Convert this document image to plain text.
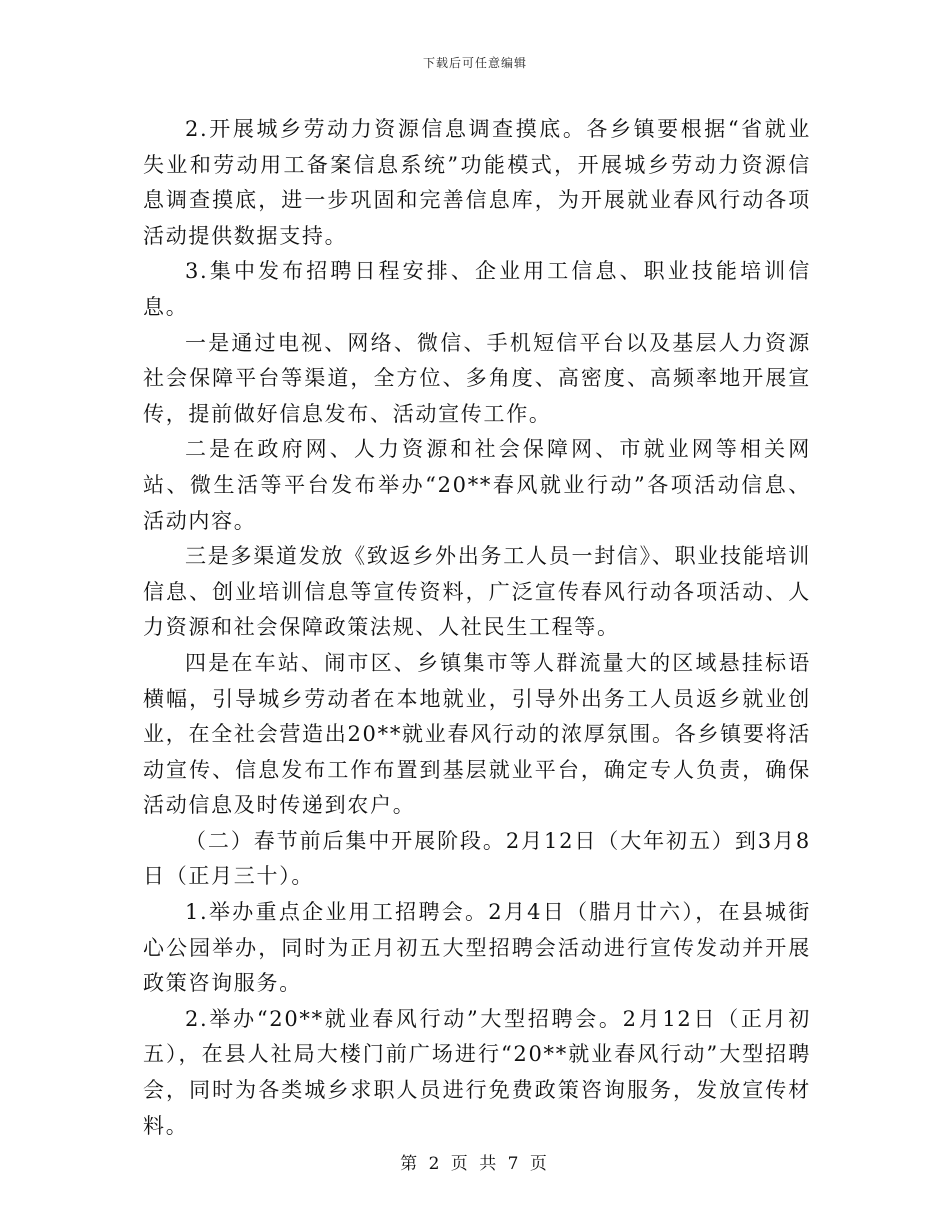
下载后可任意编辑

2.开展城乡劳动力资源信息调查摸底。各乡镇要根据“省就业失业和劳动用工备案信息系统”功能模式，开展城乡劳动力资源信息调查摸底，进一步巩固和完善信息库，为开展就业春风行动各项活动提供数据支持。

3.集中发布招聘日程安排、企业用工信息、职业技能培训信息。

一是通过电视、网络、微信、手机短信平台以及基层人力资源社会保障平台等渠道，全方位、多角度、高密度、高频率地开展宣传，提前做好信息发布、活动宣传工作。

二是在政府网、人力资源和社会保障网、市就业网等相关网站、微生活等平台发布举办“20**春风就业行动”各项活动信息、活动内容。

三是多渠道发放《致返乡外出务工人员一封信》、职业技能培训信息、创业培训信息等宣传资料，广泛宣传春风行动各项活动、人力资源和社会保障政策法规、人社民生工程等。

四是在车站、闹市区、乡镇集市等人群流量大的区域悬挂标语横幅，引导城乡劳动者在本地就业，引导外出务工人员返乡就业创业，在全社会营造出20**就业春风行动的浓厚氛围。各乡镇要将活动宣传、信息发布工作布置到基层就业平台，确定专人负责，确保活动信息及时传递到农户。

（二）春节前后集中开展阶段。2月12日（大年初五）到3月8日（正月三十）。

1.举办重点企业用工招聘会。2月4日（腊月廿六），在县城街心公园举办，同时为正月初五大型招聘会活动进行宣传发动并开展政策咨询服务。

2.举办“20**就业春风行动”大型招聘会。2月12日（正月初五），在县人社局大楼门前广场进行“20**就业春风行动”大型招聘会，同时为各类城乡求职人员进行免费政策咨询服务，发放宣传材料。

第 2 页 共 7 页
